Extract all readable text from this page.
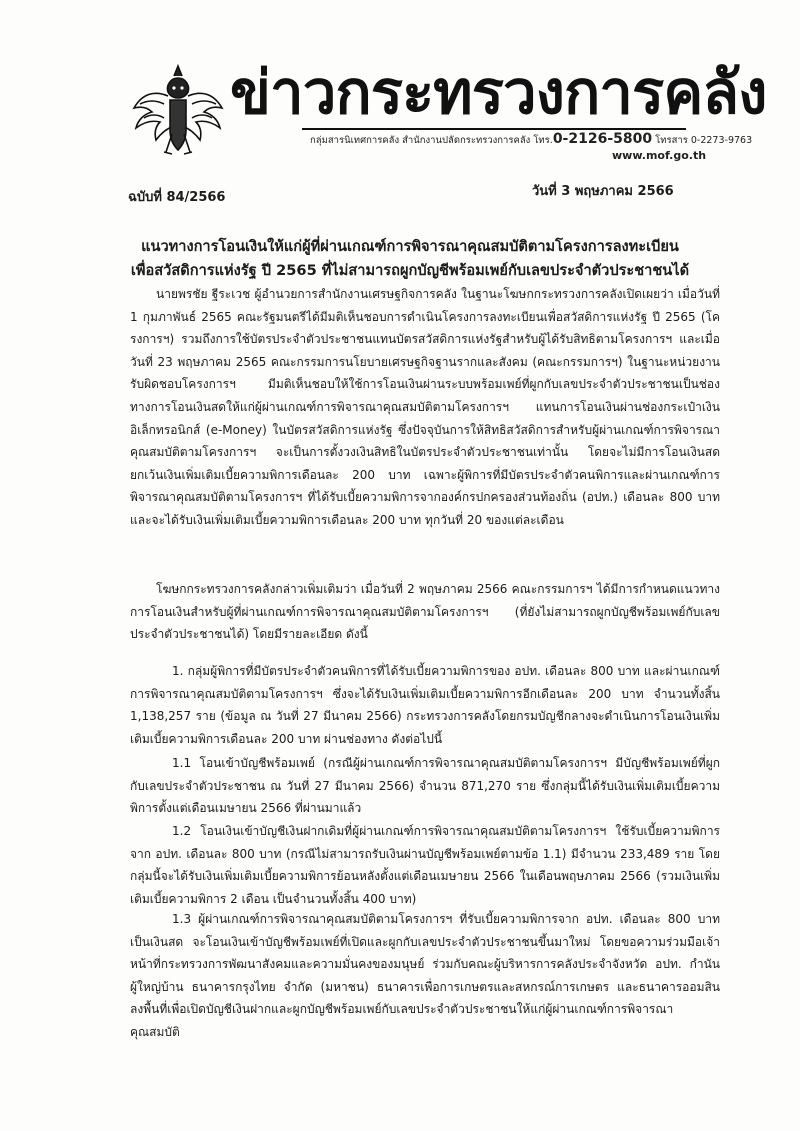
ข่าวกระทรวงการคลัง
กลุ่มสารนิเทศการคลัง สำนักงานปลัดกระทรวงการคลัง โทร.0-2126-5800 โทรสาร 0-2273-9763
www.mof.go.th
ฉบับที่ 84/2566	วันที่ 3 พฤษภาคม 2566
แนวทางการโอนเงินให้แก่ผู้ที่ผ่านเกณฑ์การพิจารณาคุณสมบัติตามโครงการลงทะเบียน
เพื่อสวัสดิการแห่งรัฐ ปี 2565 ที่ไม่สามารถผูกบัญชีพร้อมเพย์กับเลขประจำตัวประชาชนได้

นายพรชัย ฐีระเวช ผู้อำนวยการสำนักงานเศรษฐกิจการคลัง ในฐานะโฆษกกระทรวงการคลังเปิดเผยว่า เมื่อวันที่ 1 กุมภาพันธ์ 2565 คณะรัฐมนตรีได้มีมติเห็นชอบการดำเนินโครงการลงทะเบียนเพื่อสวัสดิการแห่งรัฐ ปี 2565 (โครงการฯ) รวมถึงการใช้บัตรประจำตัวประชาชนแทนบัตรสวัสดิการแห่งรัฐสำหรับผู้ได้รับสิทธิตามโครงการฯ และเมื่อวันที่ 23 พฤษภาคม 2565 คณะกรรมการนโยบายเศรษฐกิจฐานรากและสังคม (คณะกรรมการฯ) ในฐานะหน่วยงานรับผิดชอบโครงการฯ มีมติเห็นชอบให้ใช้การโอนเงินผ่านระบบพร้อมเพย์ที่ผูกกับเลขประจำตัวประชาชนเป็นช่องทางการโอนเงินสดให้แก่ผู้ผ่านเกณฑ์การพิจารณาคุณสมบัติตามโครงการฯ แทนการโอนเงินผ่านช่องกระเป๋าเงินอิเล็กทรอนิกส์ (e-Money) ในบัตรสวัสดิการแห่งรัฐ ซึ่งปัจจุบันการให้สิทธิสวัสดิการสำหรับผู้ผ่านเกณฑ์การพิจารณาคุณสมบัติตามโครงการฯ จะเป็นการตั้งวงเงินสิทธิในบัตรประจำตัวประชาชนเท่านั้น โดยจะไม่มีการโอนเงินสด ยกเว้นเงินเพิ่มเติมเบี้ยความพิการเดือนละ 200 บาท เฉพาะผู้พิการที่มีบัตรประจำตัวคนพิการและผ่านเกณฑ์การพิจารณาคุณสมบัติตามโครงการฯ ที่ได้รับเบี้ยความพิการจากองค์กรปกครองส่วนท้องถิ่น (อปท.) เดือนละ 800 บาท และจะได้รับเงินเพิ่มเติมเบี้ยความพิการเดือนละ 200 บาท ทุกวันที่ 20 ของแต่ละเดือน

โฆษกกระทรวงการคลังกล่าวเพิ่มเติมว่า เมื่อวันที่ 2 พฤษภาคม 2566 คณะกรรมการฯ ได้มีการกำหนดแนวทางการโอนเงินสำหรับผู้ที่ผ่านเกณฑ์การพิจารณาคุณสมบัติตามโครงการฯ (ที่ยังไม่สามารถผูกบัญชีพร้อมเพย์กับเลขประจำตัวประชาชนได้) โดยมีรายละเอียด ดังนี้

1. กลุ่มผู้พิการที่มีบัตรประจำตัวคนพิการที่ได้รับเบี้ยความพิการของ อปท. เดือนละ 800 บาท และผ่านเกณฑ์การพิจารณาคุณสมบัติตามโครงการฯ ซึ่งจะได้รับเงินเพิ่มเติมเบี้ยความพิการอีกเดือนละ 200 บาท จำนวนทั้งสิ้น 1,138,257 ราย (ข้อมูล ณ วันที่ 27 มีนาคม 2566) กระทรวงการคลังโดยกรมบัญชีกลางจะดำเนินการโอนเงินเพิ่มเติมเบี้ยความพิการเดือนละ 200 บาท ผ่านช่องทาง ดังต่อไปนี้

1.1 โอนเข้าบัญชีพร้อมเพย์ (กรณีผู้ผ่านเกณฑ์การพิจารณาคุณสมบัติตามโครงการฯ มีบัญชีพร้อมเพย์ที่ผูกกับเลขประจำตัวประชาชน ณ วันที่ 27 มีนาคม 2566) จำนวน 871,270 ราย ซึ่งกลุ่มนี้ได้รับเงินเพิ่มเติมเบี้ยความพิการตั้งแต่เดือนเมษายน 2566 ที่ผ่านมาแล้ว

1.2 โอนเงินเข้าบัญชีเงินฝากเดิมที่ผู้ผ่านเกณฑ์การพิจารณาคุณสมบัติตามโครงการฯ ใช้รับเบี้ยความพิการจาก อปท. เดือนละ 800 บาท (กรณีไม่สามารถรับเงินผ่านบัญชีพร้อมเพย์ตามข้อ 1.1) มีจำนวน 233,489 ราย โดยกลุ่มนี้จะได้รับเงินเพิ่มเติมเบี้ยความพิการย้อนหลังตั้งแต่เดือนเมษายน 2566 ในเดือนพฤษภาคม 2566 (รวมเงินเพิ่มเติมเบี้ยความพิการ 2 เดือน เป็นจำนวนทั้งสิ้น 400 บาท)

1.3 ผู้ผ่านเกณฑ์การพิจารณาคุณสมบัติตามโครงการฯ ที่รับเบี้ยความพิการจาก อปท. เดือนละ 800 บาท เป็นเงินสด จะโอนเงินเข้าบัญชีพร้อมเพย์ที่เปิดและผูกกับเลขประจำตัวประชาชนขึ้นมาใหม่ โดยขอความร่วมมือเจ้าหน้าที่กระทรวงการพัฒนาสังคมและความมั่นคงของมนุษย์ ร่วมกับคณะผู้บริหารการคลังประจำจังหวัด อปท. กำนัน ผู้ใหญ่บ้าน ธนาคารกรุงไทย จำกัด (มหาชน) ธนาคารเพื่อการเกษตรและสหกรณ์การเกษตร และธนาคารออมสิน ลงพื้นที่เพื่อเปิดบัญชีเงินฝากและผูกบัญชีพร้อมเพย์กับเลขประจำตัวประชาชนให้แก่ผู้ผ่านเกณฑ์การพิจารณาคุณสมบัติ
